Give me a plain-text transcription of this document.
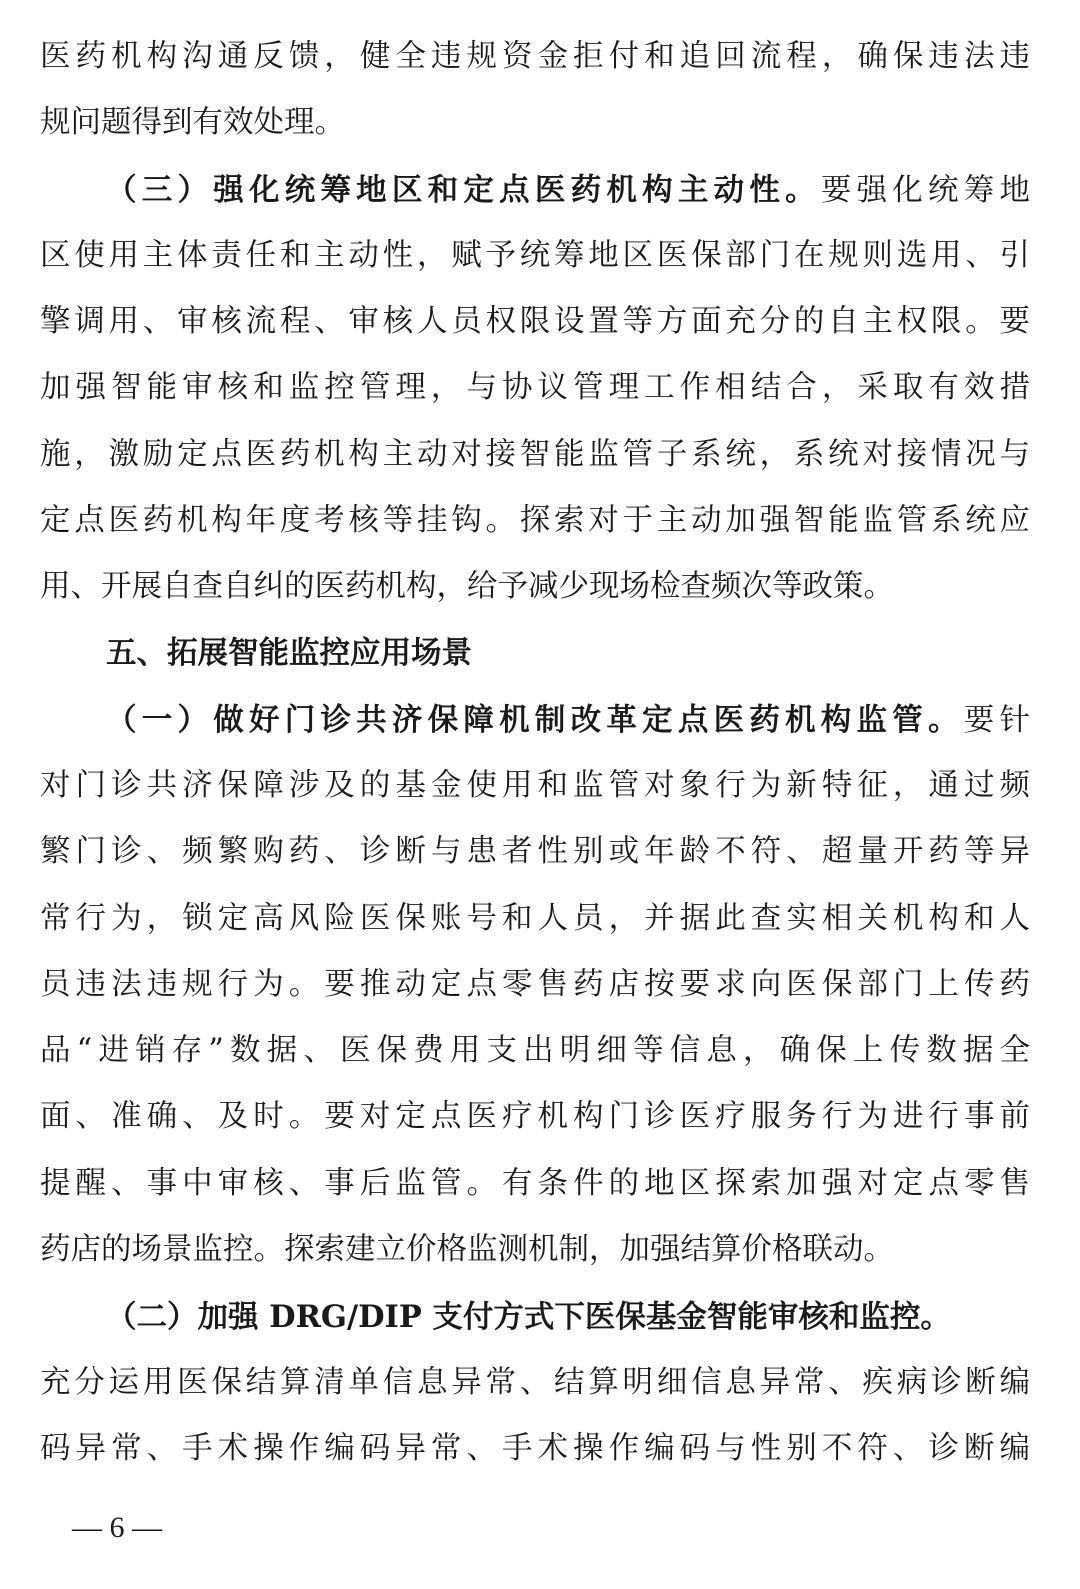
医药机构沟通反馈，健全违规资金拒付和追回流程，确保违法违
规问题得到有效处理。
（三）强化统筹地区和定点医药机构主动性。要强化统筹地
区使用主体责任和主动性，赋予统筹地区医保部门在规则选用、引
擎调用、审核流程、审核人员权限设置等方面充分的自主权限。要
加强智能审核和监控管理，与协议管理工作相结合，采取有效措
施，激励定点医药机构主动对接智能监管子系统，系统对接情况与
定点医药机构年度考核等挂钩。探索对于主动加强智能监管系统应
用、开展自查自纠的医药机构，给予减少现场检查频次等政策。
五、拓展智能监控应用场景
（一）做好门诊共济保障机制改革定点医药机构监管。要针
对门诊共济保障涉及的基金使用和监管对象行为新特征，通过频
繁门诊、频繁购药、诊断与患者性别或年龄不符、超量开药等异
常行为，锁定高风险医保账号和人员，并据此查实相关机构和人
员违法违规行为。要推动定点零售药店按要求向医保部门上传药
品“进销存”数据、医保费用支出明细等信息，确保上传数据全
面、准确、及时。要对定点医疗机构门诊医疗服务行为进行事前
提醒、事中审核、事后监管。有条件的地区探索加强对定点零售
药店的场景监控。探索建立价格监测机制，加强结算价格联动。
（二）加强 DRG/DIP 支付方式下医保基金智能审核和监控。
充分运用医保结算清单信息异常、结算明细信息异常、疾病诊断编
码异常、手术操作编码异常、手术操作编码与性别不符、诊断编
— 6 —
